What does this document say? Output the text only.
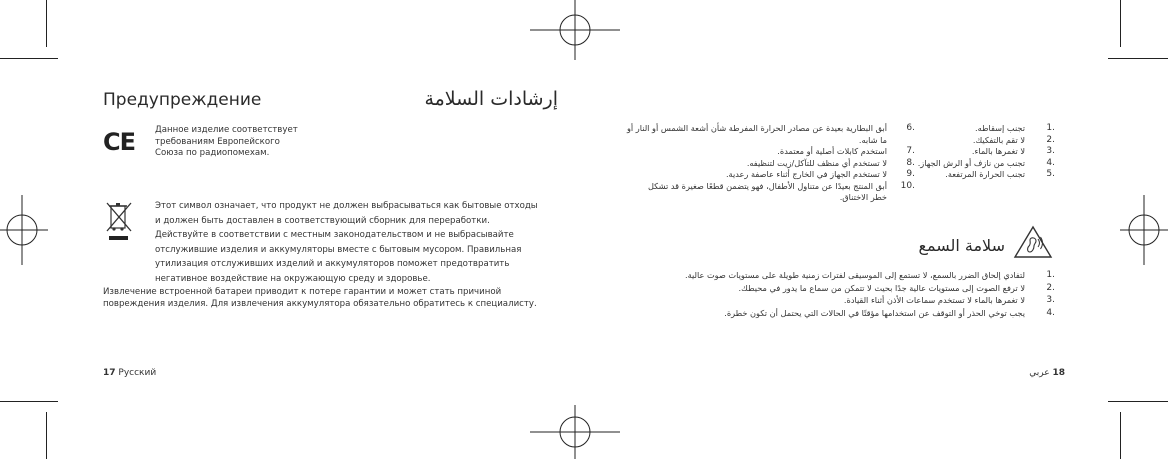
Предупреждение
CE Данное изделие соответствует
требованиям Европейского
Союза по радиопомехам.
Этот символ означает, что продукт не должен выбрасываться как бытовые отходы
и должен быть доставлен в соответствующий сборник для переработки.
Действуйте в соответствии с местным законодательством и не выбрасывайте
отслужившие изделия и аккумуляторы вместе с бытовым мусором. Правильная
утилизация отслуживших изделий и аккумуляторов поможет предотвратить
негативное воздействие на окружающую среду и здоровье.
Извлечение встроенной батареи приводит к потере гарантии и может стать причиной
повреждения изделия. Для извлечения аккумулятора обязательно обратитесь к специалисту.
17 Русский
إرشادات السلامة
1.
تجنب إسقاطه.
2.
لا تقم بالتفكيك.
3.
لا تغمرها بالماء.
4.
تجنب من نازف أو الرش الجهاز.
5.
تجنب الحرارة المرتفعة.
6.
أبق البطارية بعيدة عن مصادر الحرارة المفرطة شأن أشعة الشمس أو النار أو
ما شابه.
7.
استخدم كابلات أصلية أو معتمدة.
8.
لا تستخدم أي منظف للتآكل/زيت لتنظيفه.
9.
لا تستخدم الجهاز في الخارج أثناء عاصفة رعدية.
10.
أبق المنتج بعيدًا عن متناول الأطفال، فهو يتضمن قطعًا صغيرة قد تشكل
خطر الاختناق.
سلامة السمع
1.
لتفادي إلحاق الضرر بالسمع، لا تستمع إلى الموسيقى لفترات زمنية طويلة على مستويات صوت عالية.
2.
لا ترفع الصوت إلى مستويات عالية جدًا بحيث لا تتمكن من سماع ما يدور في محيطك.
3.
لا تغمرها بالماء لا تستخدم سماعات الأذن أثناء القيادة.
4.
يجب توخي الحذر أو التوقف عن استخدامها مؤقتًا في الحالات التي يحتمل أن تكون خطرة.
18 عربي
